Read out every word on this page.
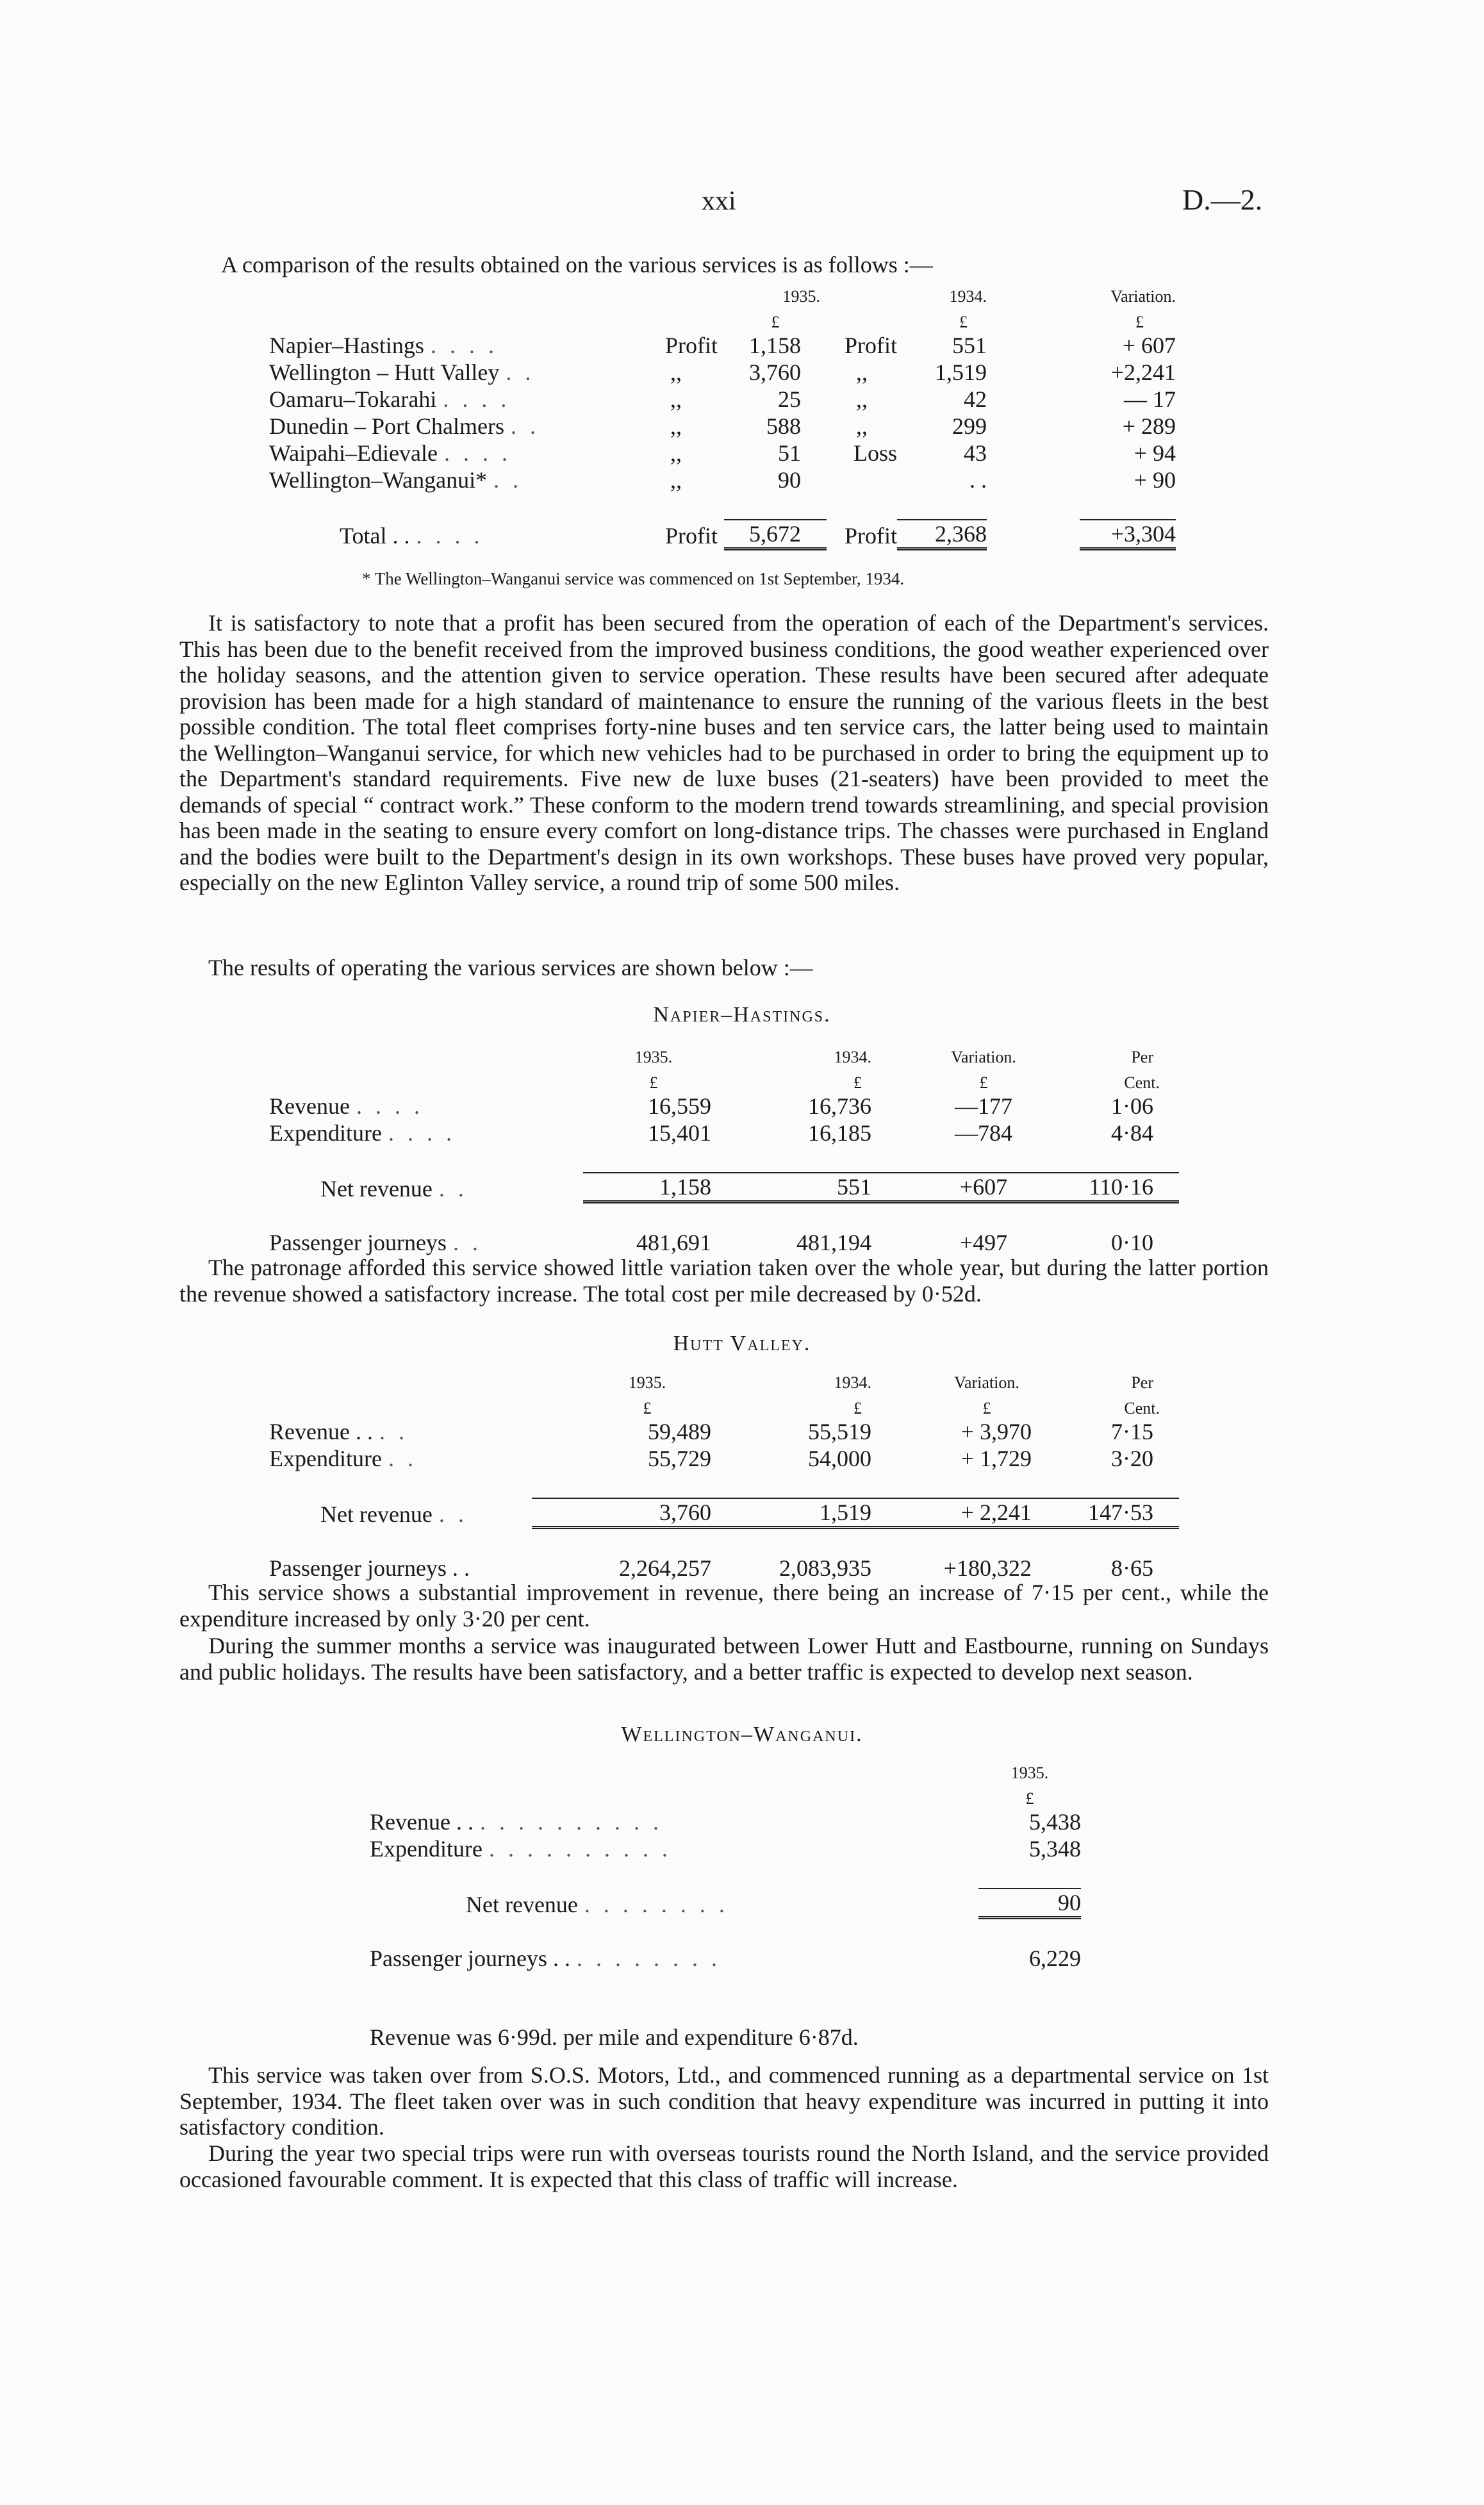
xxi	D.—2.
A comparison of the results obtained on the various services is as follows :—
		1935.		1934.		Variation.
		£		£		£
Napier–Hastings . . . .	Profit	1,158	Profit	551		+ 607
Wellington – Hutt Valley . .	,,	3,760	,,	1,519		+2,241
Oamaru–Tokarahi . . . .	,,	25	,,	42		— 17
Dunedin – Port Chalmers . .	,,	588	,,	299		+ 289
Waipahi–Edievale . . . .	,,	51	Loss	43		+ 94
Wellington–Wanganui* . .	,,	90		. .		+ 90

Total . . . . . .	Profit	5,672	Profit	2,368		+3,304
* The Wellington–Wanganui service was commenced on 1st September, 1934.

It is satisfactory to note that a profit has been secured from the operation of each of the Department's services. This has been due to the benefit received from the improved business conditions, the good weather experienced over the holiday seasons, and the attention given to service operation. These results have been secured after adequate provision has been made for a high standard of maintenance to ensure the running of the various fleets in the best possible condition. The total fleet comprises forty-nine buses and ten service cars, the latter being used to maintain the Wellington–Wanganui service, for which new vehicles had to be purchased in order to bring the equipment up to the Department's standard requirements. Five new de luxe buses (21-seaters) have been provided to meet the demands of special “ contract work.” These conform to the modern trend towards streamlining, and special provision has been made in the seating to ensure every comfort on long-distance trips. The chasses were purchased in England and the bodies were built to the Department's design in its own workshops. These buses have proved very popular, especially on the new Eglinton Valley service, a round trip of some 500 miles.

The results of operating the various services are shown below :—

Napier–Hastings.
	1935.	1934.	Variation.	Per
	£	£	£	Cent.
Revenue . . . .	16,559	16,736	—177	1·06
Expenditure . . . .	15,401	16,185	—784	4·84

Net revenue . .	1,158	551	+607	110·16

Passenger journeys . .	481,691	481,194	+497	0·10

The patronage afforded this service showed little variation taken over the whole year, but during the latter portion the revenue showed a satisfactory increase. The total cost per mile decreased by 0·52d.

Hutt Valley.
	1935.	1934.	Variation.	Per
	£	£	£	Cent.
Revenue . . . .	59,489	55,519	+ 3,970	7·15
Expenditure . .	55,729	54,000	+ 1,729	3·20

Net revenue . .	3,760	1,519	+ 2,241	147·53

Passenger journeys . .	2,264,257	2,083,935	+180,322	8·65

This service shows a substantial improvement in revenue, there being an increase of 7·15 per cent., while the expenditure increased by only 3·20 per cent.

During the summer months a service was inaugurated between Lower Hutt and Eastbourne, running on Sundays and public holidays. The results have been satisfactory, and a better traffic is expected to develop next season.

Wellington–Wanganui.
	1935.
	£
Revenue . . . . . . . . . . . .	5,438
Expenditure . . . . . . . . . .	5,348

Net revenue . . . . . . . .	90

Passenger journeys . . . . . . . . . .	6,229
Revenue was 6·99d. per mile and expenditure 6·87d.

This service was taken over from S.O.S. Motors, Ltd., and commenced running as a departmental service on 1st September, 1934. The fleet taken over was in such condition that heavy expenditure was incurred in putting it into satisfactory condition.

During the year two special trips were run with overseas tourists round the North Island, and the service provided occasioned favourable comment. It is expected that this class of traffic will increase.
